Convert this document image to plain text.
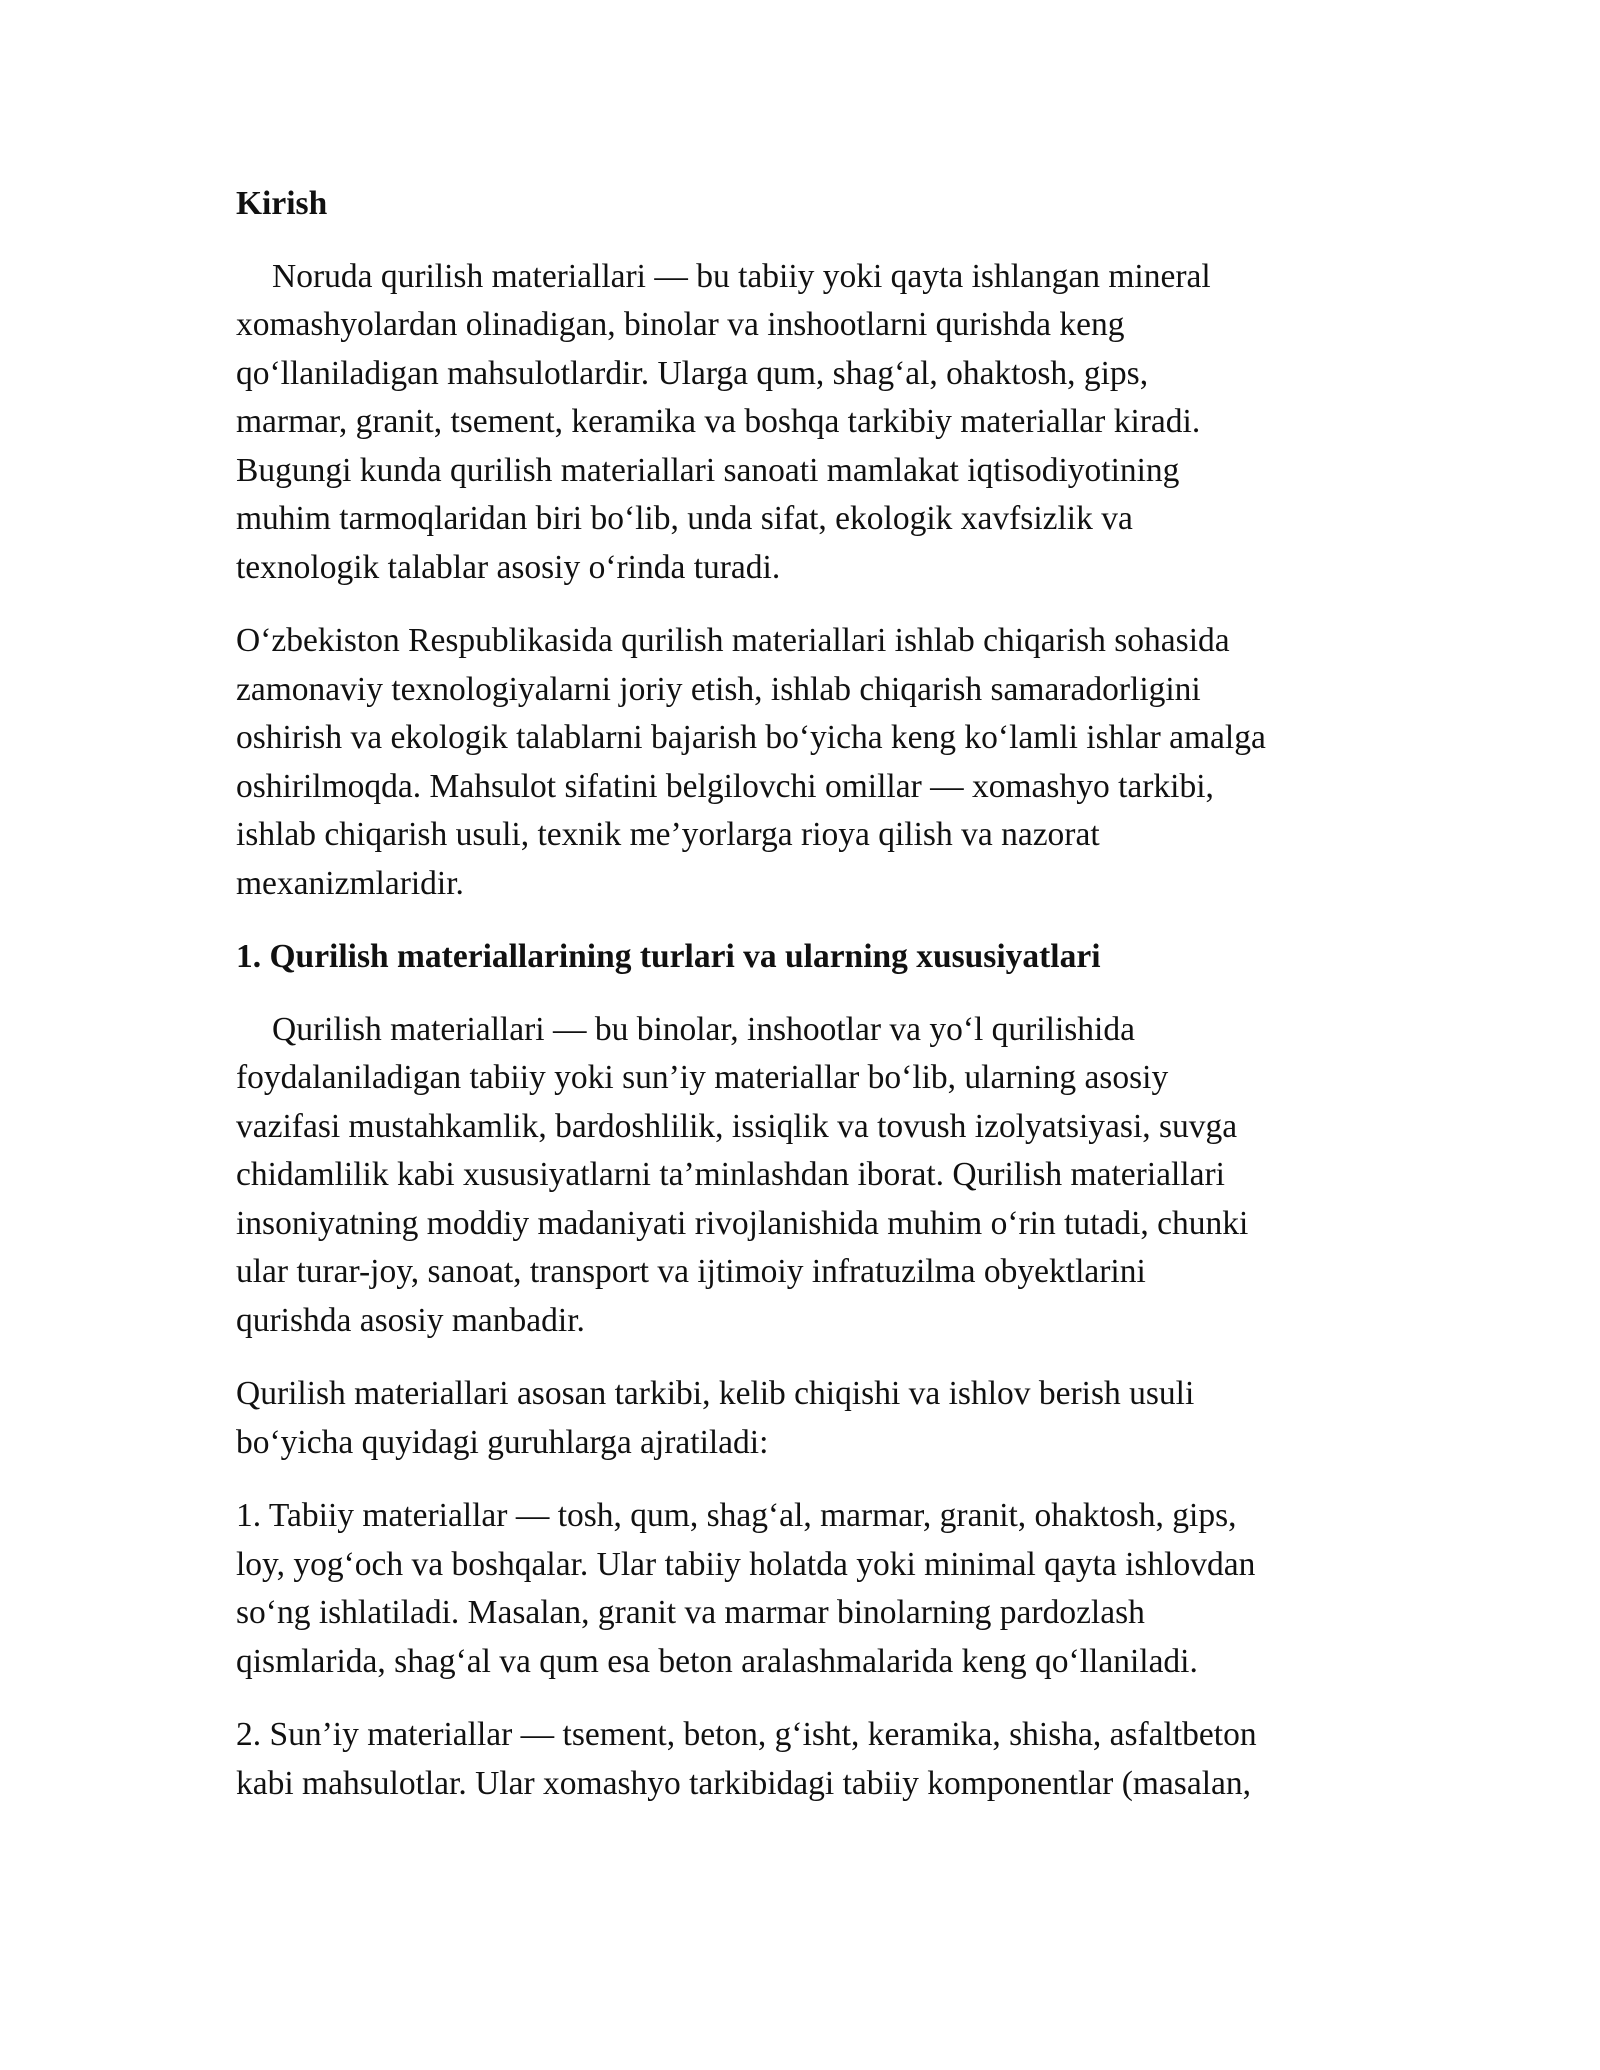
Kirish
Noruda qurilish materiallari — bu tabiiy yoki qayta ishlangan mineral
xomashyolardan olinadigan, binolar va inshootlarni qurishda keng
qo‘llaniladigan mahsulotlardir. Ularga qum, shag‘al, ohaktosh, gips,
marmar, granit, tsement, keramika va boshqa tarkibiy materiallar kiradi.
Bugungi kunda qurilish materiallari sanoati mamlakat iqtisodiyotining
muhim tarmoqlaridan biri bo‘lib, unda sifat, ekologik xavfsizlik va
texnologik talablar asosiy o‘rinda turadi.
O‘zbekiston Respublikasida qurilish materiallari ishlab chiqarish sohasida
zamonaviy texnologiyalarni joriy etish, ishlab chiqarish samaradorligini
oshirish va ekologik talablarni bajarish bo‘yicha keng ko‘lamli ishlar amalga
oshirilmoqda. Mahsulot sifatini belgilovchi omillar — xomashyo tarkibi,
ishlab chiqarish usuli, texnik me’yorlarga rioya qilish va nazorat
mexanizmlaridir.
1. Qurilish materiallarining turlari va ularning xususiyatlari
Qurilish materiallari — bu binolar, inshootlar va yo‘l qurilishida
foydalaniladigan tabiiy yoki sun’iy materiallar bo‘lib, ularning asosiy
vazifasi mustahkamlik, bardoshlilik, issiqlik va tovush izolyatsiyasi, suvga
chidamlilik kabi xususiyatlarni ta’minlashdan iborat. Qurilish materiallari
insoniyatning moddiy madaniyati rivojlanishida muhim o‘rin tutadi, chunki
ular turar-joy, sanoat, transport va ijtimoiy infratuzilma obyektlarini
qurishda asosiy manbadir.
Qurilish materiallari asosan tarkibi, kelib chiqishi va ishlov berish usuli
bo‘yicha quyidagi guruhlarga ajratiladi:
1. Tabiiy materiallar — tosh, qum, shag‘al, marmar, granit, ohaktosh, gips,
loy, yog‘och va boshqalar. Ular tabiiy holatda yoki minimal qayta ishlovdan
so‘ng ishlatiladi. Masalan, granit va marmar binolarning pardozlash
qismlarida, shag‘al va qum esa beton aralashmalarida keng qo‘llaniladi.
2. Sun’iy materiallar — tsement, beton, g‘isht, keramika, shisha, asfaltbeton
kabi mahsulotlar. Ular xomashyo tarkibidagi tabiiy komponentlar (masalan,
